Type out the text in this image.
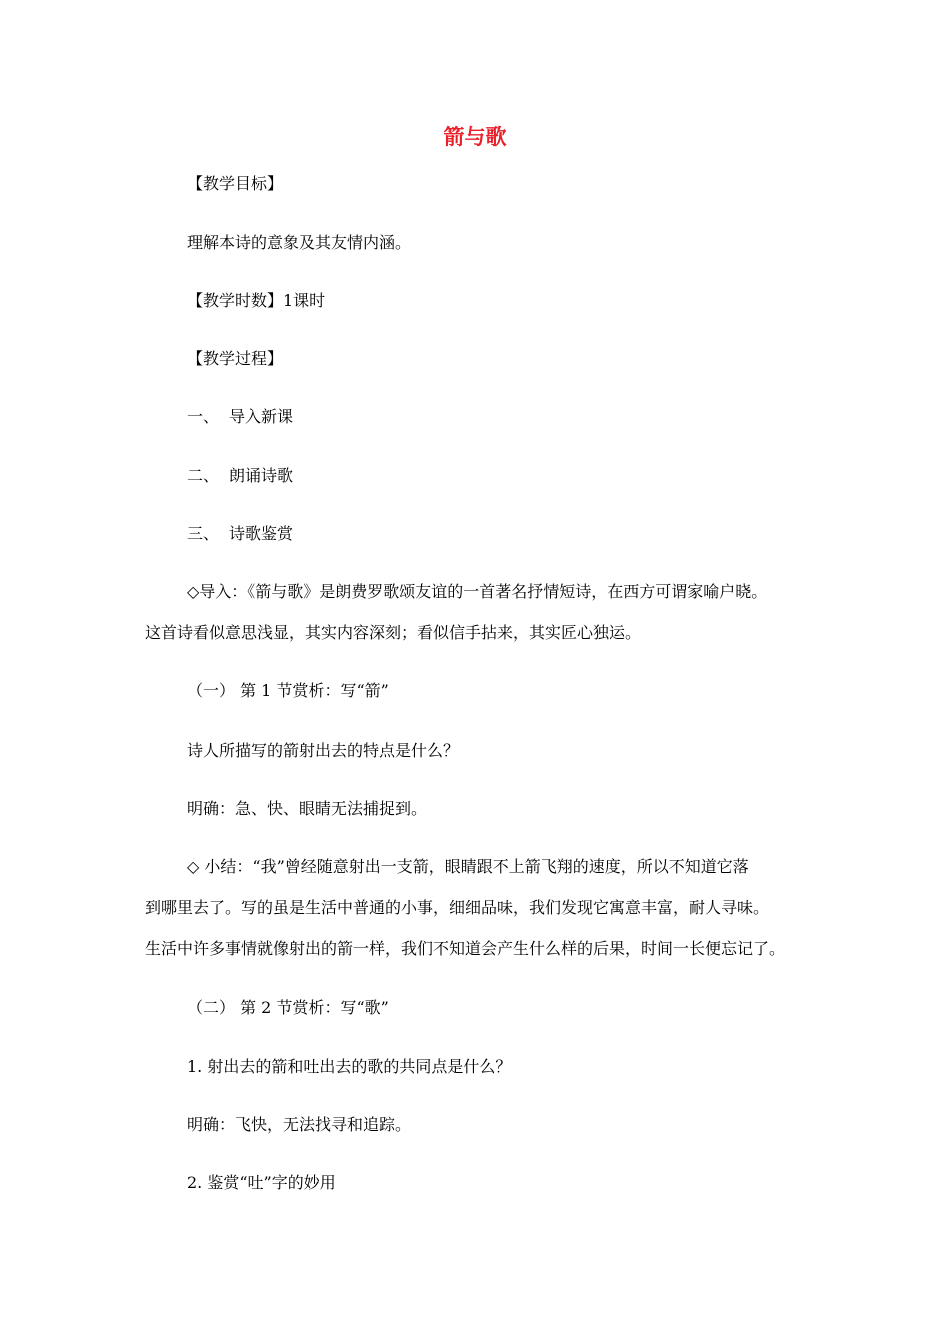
箭与歌
【教学目标】
理解本诗的意象及其友情内涵。
【教学时数】1课时
【教学过程】
一、 导入新课
二、 朗诵诗歌
三、 诗歌鉴赏
◇导入：《箭与歌》是朗费罗歌颂友谊的一首著名抒情短诗，在西方可谓家喻户晓。
这首诗看似意思浅显，其实内容深刻；看似信手拈来，其实匠心独运。
（一） 第 1 节赏析：写“箭”
诗人所描写的箭射出去的特点是什么？
明确：急、快、眼睛无法捕捉到。
◇ 小结：“我”曾经随意射出一支箭，眼睛跟不上箭飞翔的速度，所以不知道它落
到哪里去了。写的虽是生活中普通的小事，细细品味，我们发现它寓意丰富，耐人寻味。
生活中许多事情就像射出的箭一样，我们不知道会产生什么样的后果，时间一长便忘记了。
（二） 第 2 节赏析：写“歌”
1. 射出去的箭和吐出去的歌的共同点是什么？
明确：飞快，无法找寻和追踪。
2. 鉴赏“吐”字的妙用
